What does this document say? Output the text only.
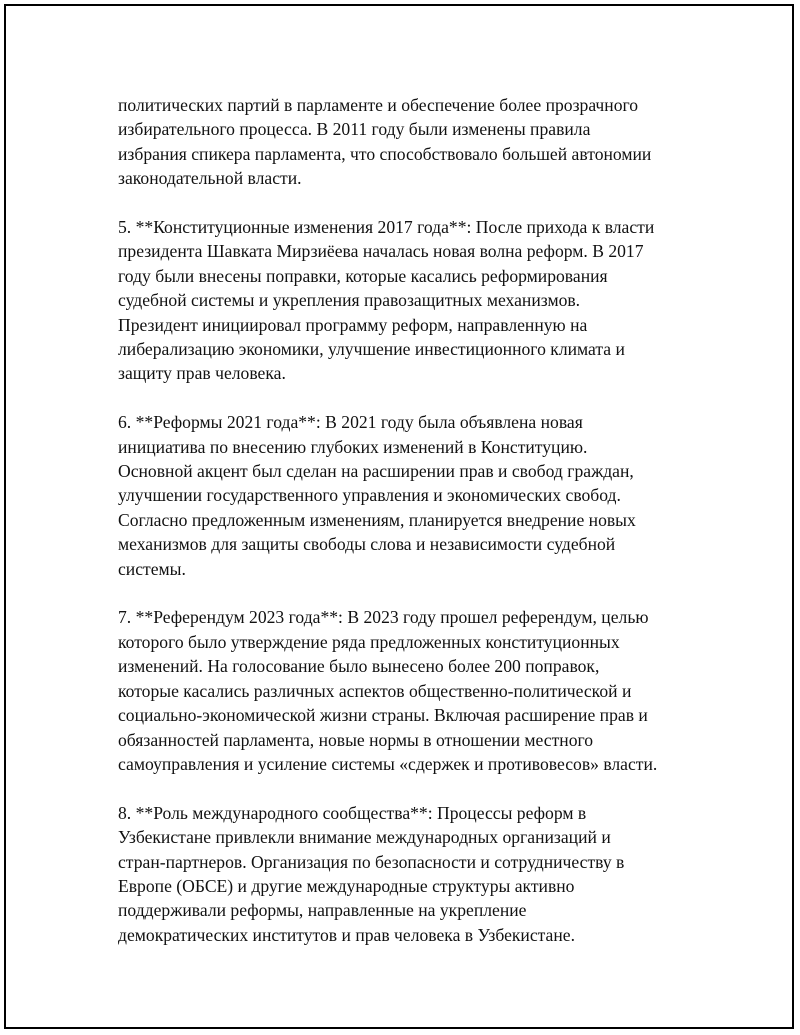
политических партий в парламенте и обеспечение более прозрачного
избирательного процесса. В 2011 году были изменены правила
избрания спикера парламента, что способствовало большей автономии
законодательной власти.

5. **Конституционные изменения 2017 года**: После прихода к власти
президента Шавката Мирзиёева началась новая волна реформ. В 2017
году были внесены поправки, которые касались реформирования
судебной системы и укрепления правозащитных механизмов.
Президент инициировал программу реформ, направленную на
либерализацию экономики, улучшение инвестиционного климата и
защиту прав человека.

6. **Реформы 2021 года**: В 2021 году была объявлена новая
инициатива по внесению глубоких изменений в Конституцию.
Основной акцент был сделан на расширении прав и свобод граждан,
улучшении государственного управления и экономических свобод.
Согласно предложенным изменениям, планируется внедрение новых
механизмов для защиты свободы слова и независимости судебной
системы.

7. **Референдум 2023 года**: В 2023 году прошел референдум, целью
которого было утверждение ряда предложенных конституционных
изменений. На голосование было вынесено более 200 поправок,
которые касались различных аспектов общественно-политической и
социально-экономической жизни страны. Включая расширение прав и
обязанностей парламента, новые нормы в отношении местного
самоуправления и усиление системы «сдержек и противовесов» власти.

8. **Роль международного сообщества**: Процессы реформ в
Узбекистане привлекли внимание международных организаций и
стран-партнеров. Организация по безопасности и сотрудничеству в
Европе (ОБСЕ) и другие международные структуры активно
поддерживали реформы, направленные на укрепление
демократических институтов и прав человека в Узбекистане.
